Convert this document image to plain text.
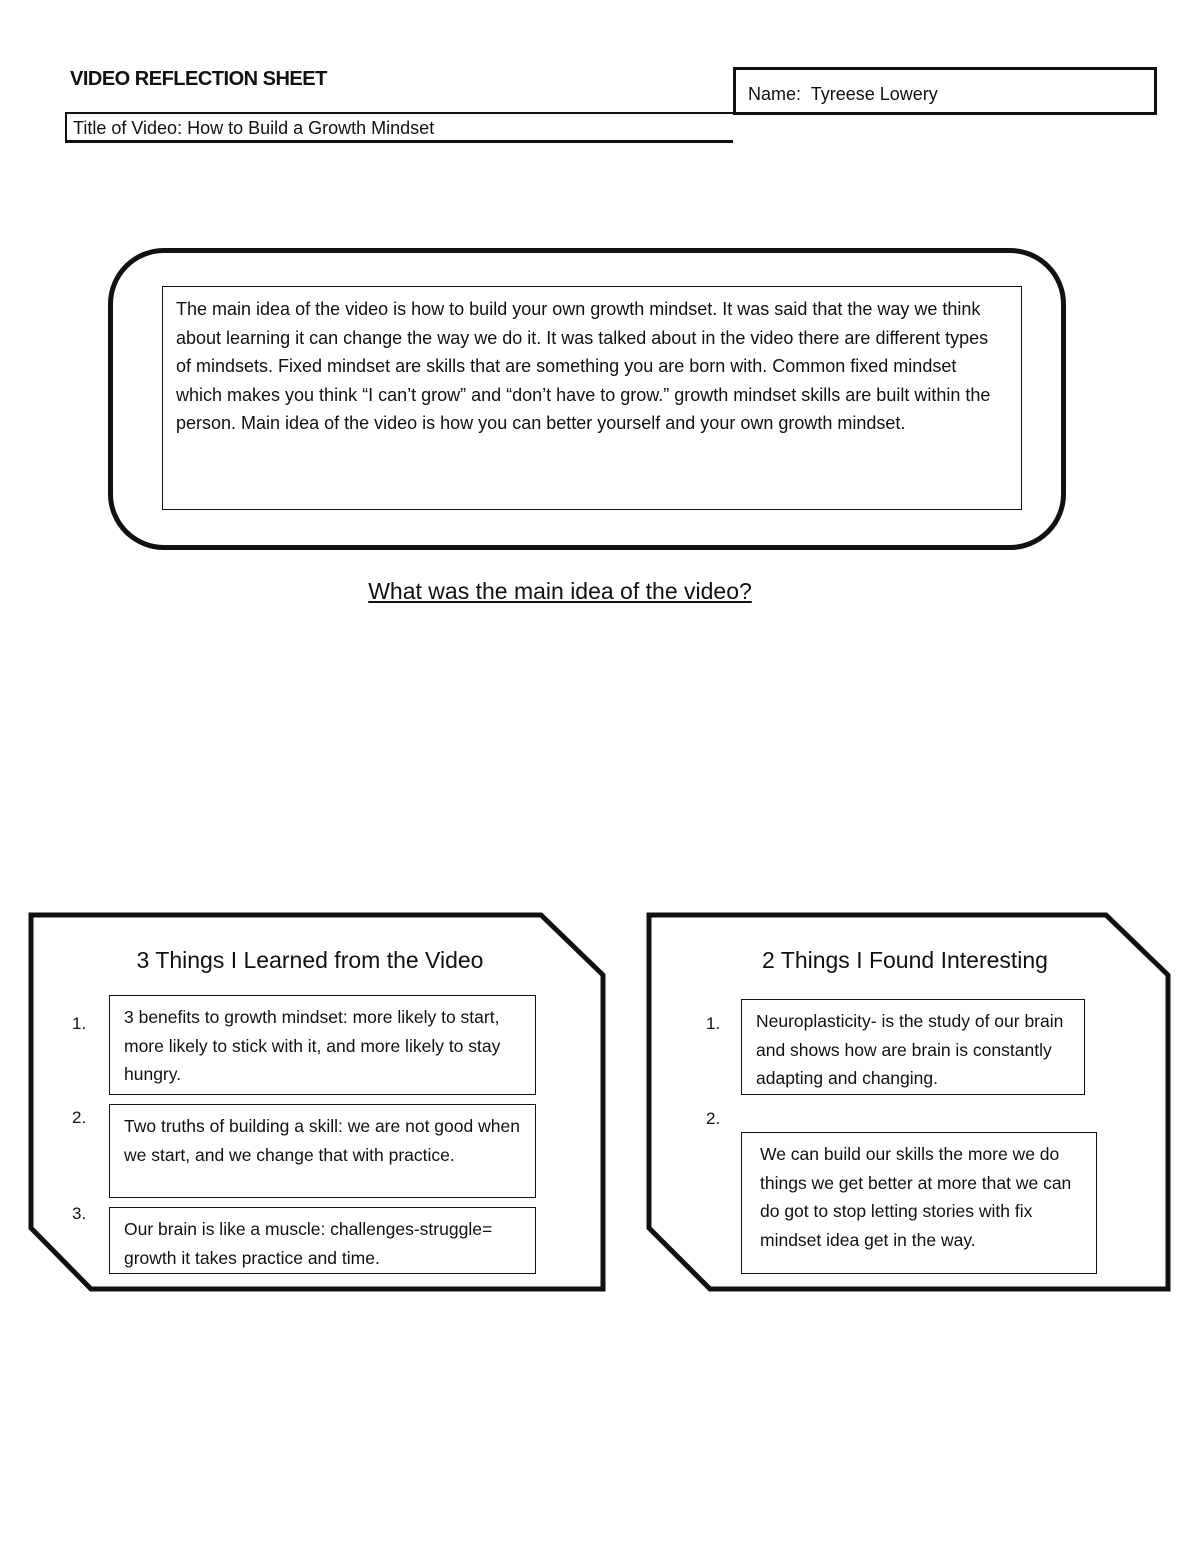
VIDEO REFLECTION SHEET
Name: Tyreese Lowery
Title of Video: How to Build a Growth Mindset
The main idea of the video is how to build your own growth mindset. It was said that the way we think about learning it can change the way we do it. It was talked about in the video there are different types of mindsets. Fixed mindset are skills that are something you are born with. Common fixed mindset which makes you think “I can’t grow” and “don’t have to grow.” growth mindset skills are built within the person. Main idea of the video is how you can better yourself and your own growth mindset.
What was the main idea of the video?
3 Things I Learned from the Video
1.	3 benefits to growth mindset: more likely to start, more likely to stick with it, and more likely to stay hungry.
2.	Two truths of building a skill: we are not good when we start, and we change that with practice.
3.
Our brain is like a muscle: challenges-struggle= growth it takes practice and time.
2 Things I Found Interesting
1.	Neuroplasticity- is the study of our brain and shows how are brain is constantly adapting and changing.
2.
We can build our skills the more we do things we get better at more that we can do got to stop letting stories with fix mindset idea get in the way.
